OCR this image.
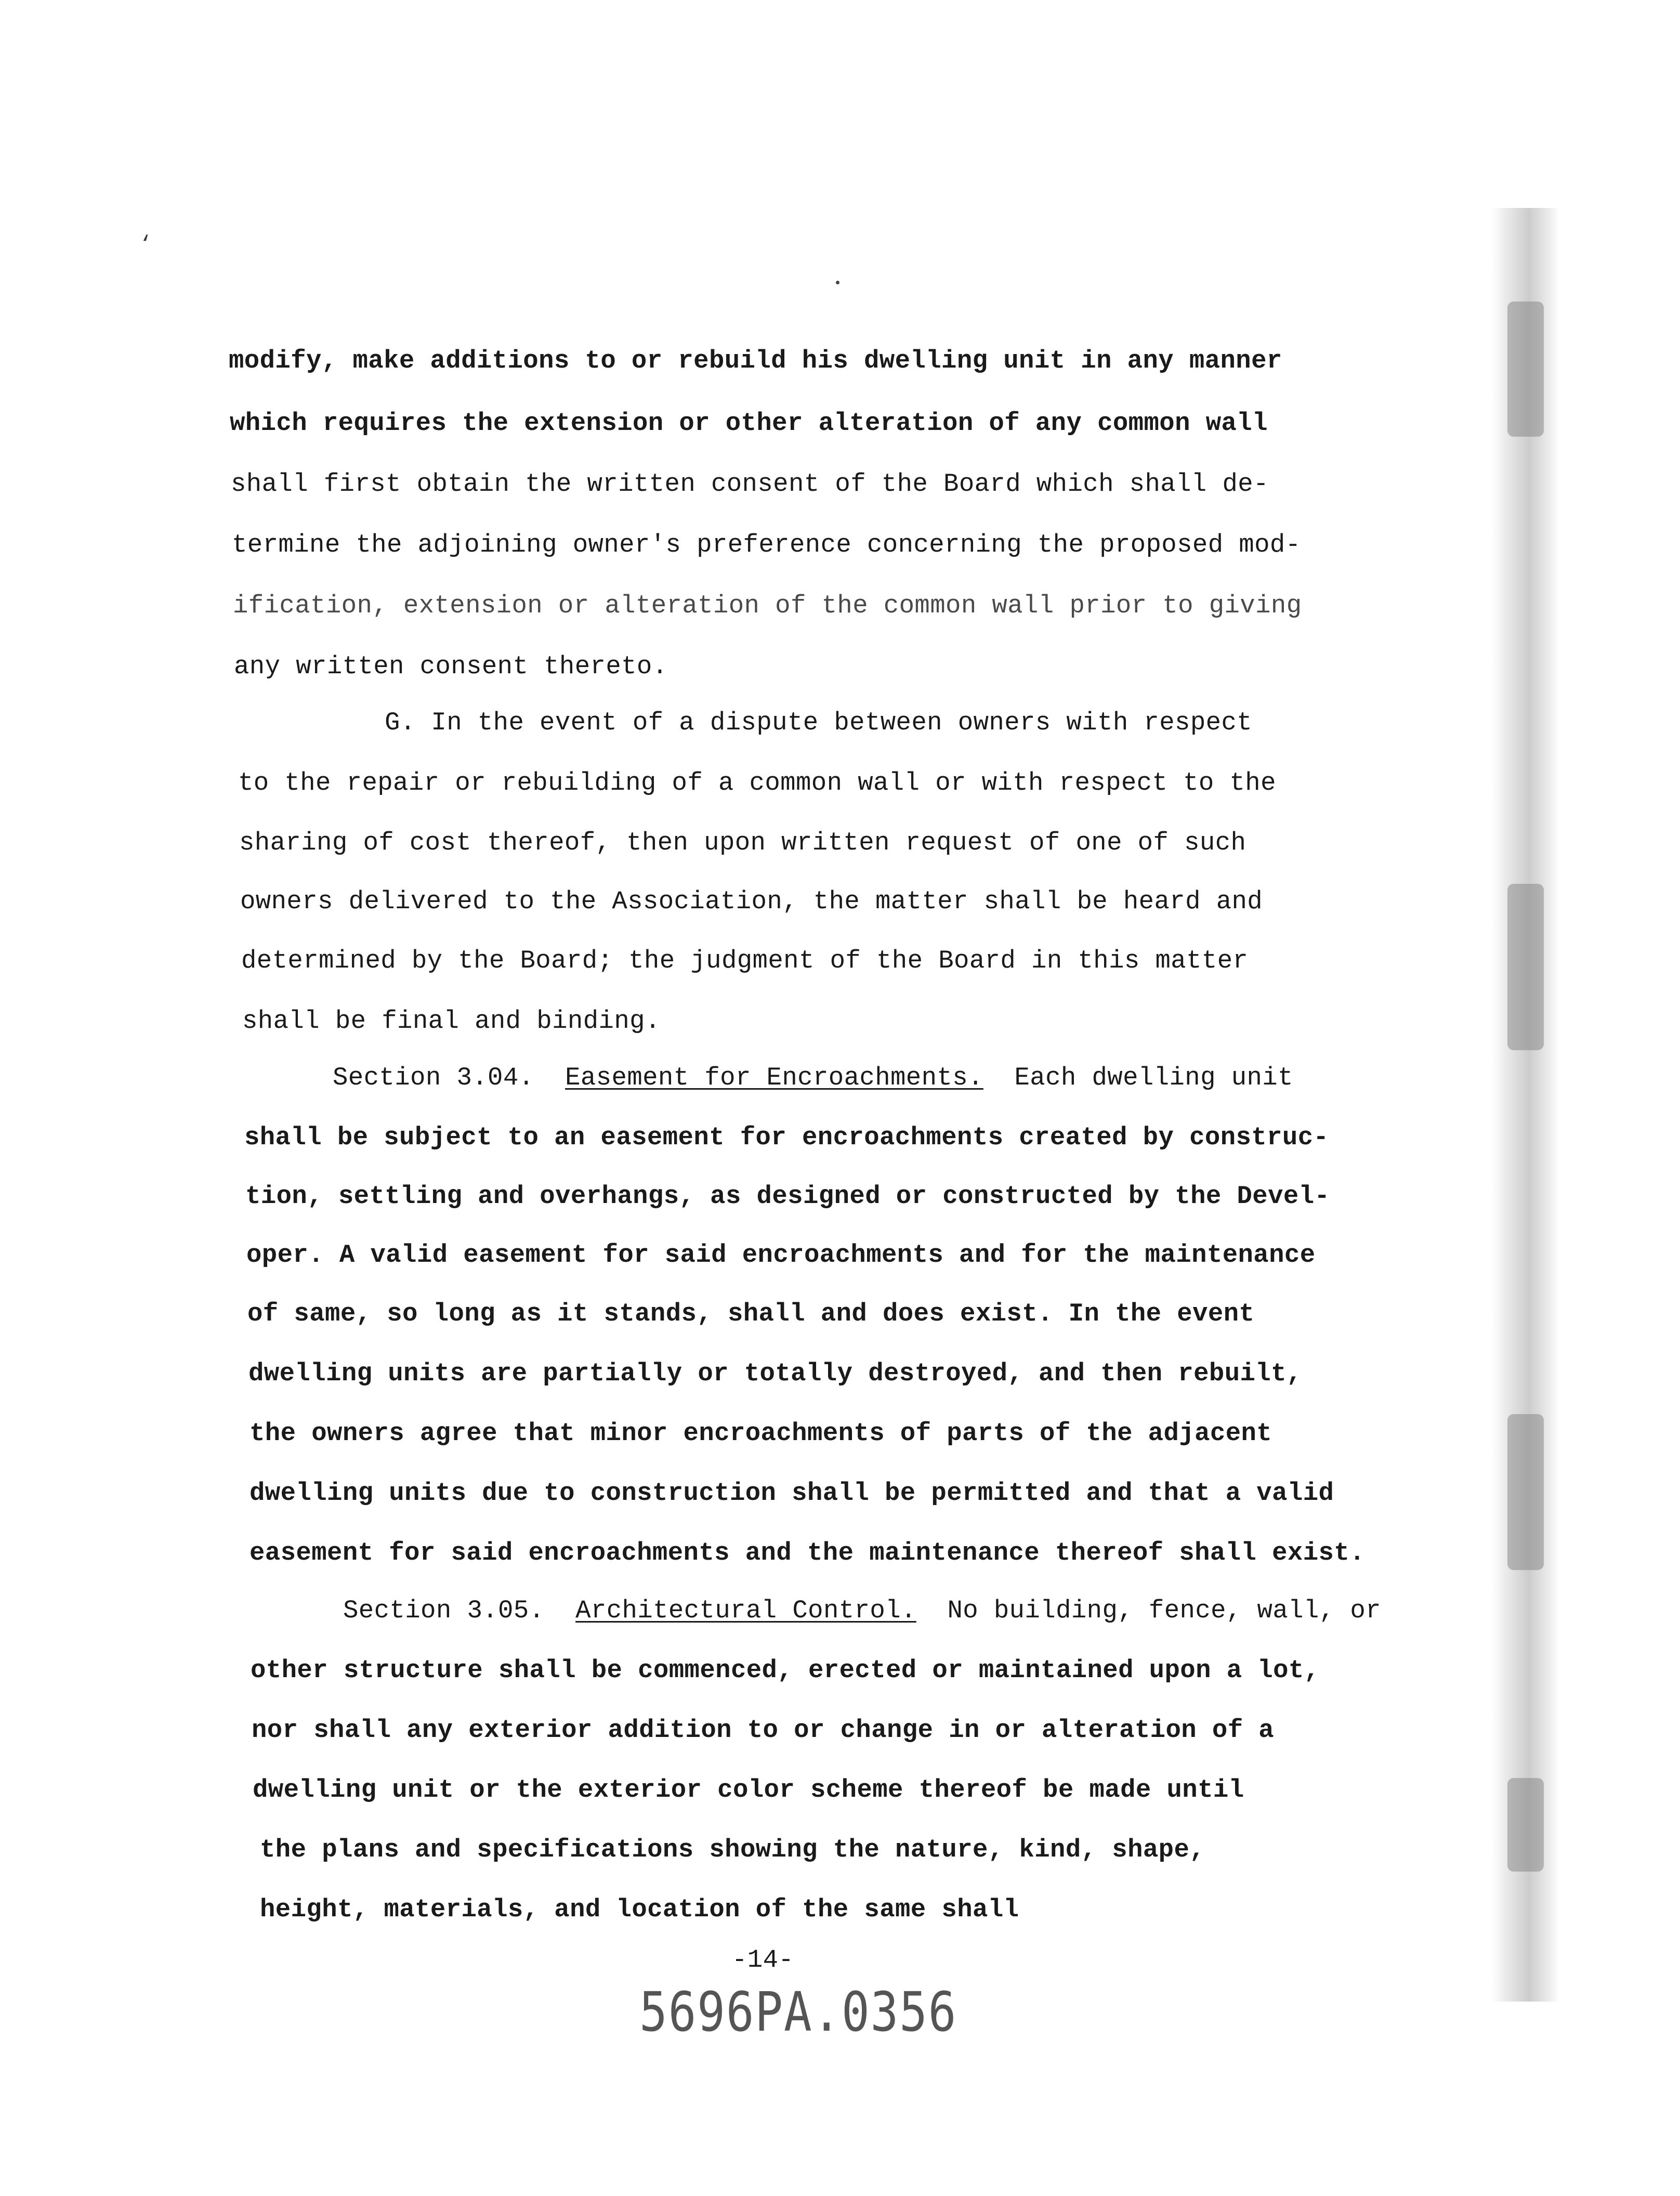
‘
modify, make additions to or rebuild his dwelling unit in any manner
which requires the extension or other alteration of any common wall
shall first obtain the written consent of the Board which shall de-
termine the adjoining owner's preference concerning the proposed mod-
ification, extension or alteration of the common wall prior to giving
any written consent thereto.
G. In the event of a dispute between owners with respect
to the repair or rebuilding of a common wall or with respect to the
sharing of cost thereof, then upon written request of one of such
owners delivered to the Association, the matter shall be heard and
determined by the Board; the judgment of the Board in this matter
shall be final and binding.
Section 3.04. Easement for Encroachments. Each dwelling unit
shall be subject to an easement for encroachments created by construc-
tion, settling and overhangs, as designed or constructed by the Devel-
oper. A valid easement for said encroachments and for the maintenance
of same, so long as it stands, shall and does exist. In the event
dwelling units are partially or totally destroyed, and then rebuilt,
the owners agree that minor encroachments of parts of the adjacent
dwelling units due to construction shall be permitted and that a valid
easement for said encroachments and the maintenance thereof shall exist.
Section 3.05. Architectural Control. No building, fence, wall, or
other structure shall be commenced, erected or maintained upon a lot,
nor shall any exterior addition to or change in or alteration of a
dwelling unit or the exterior color scheme thereof be made until
the plans and specifications showing the nature, kind, shape,
height, materials, and location of the same shall
-14-
5696PA.0356
